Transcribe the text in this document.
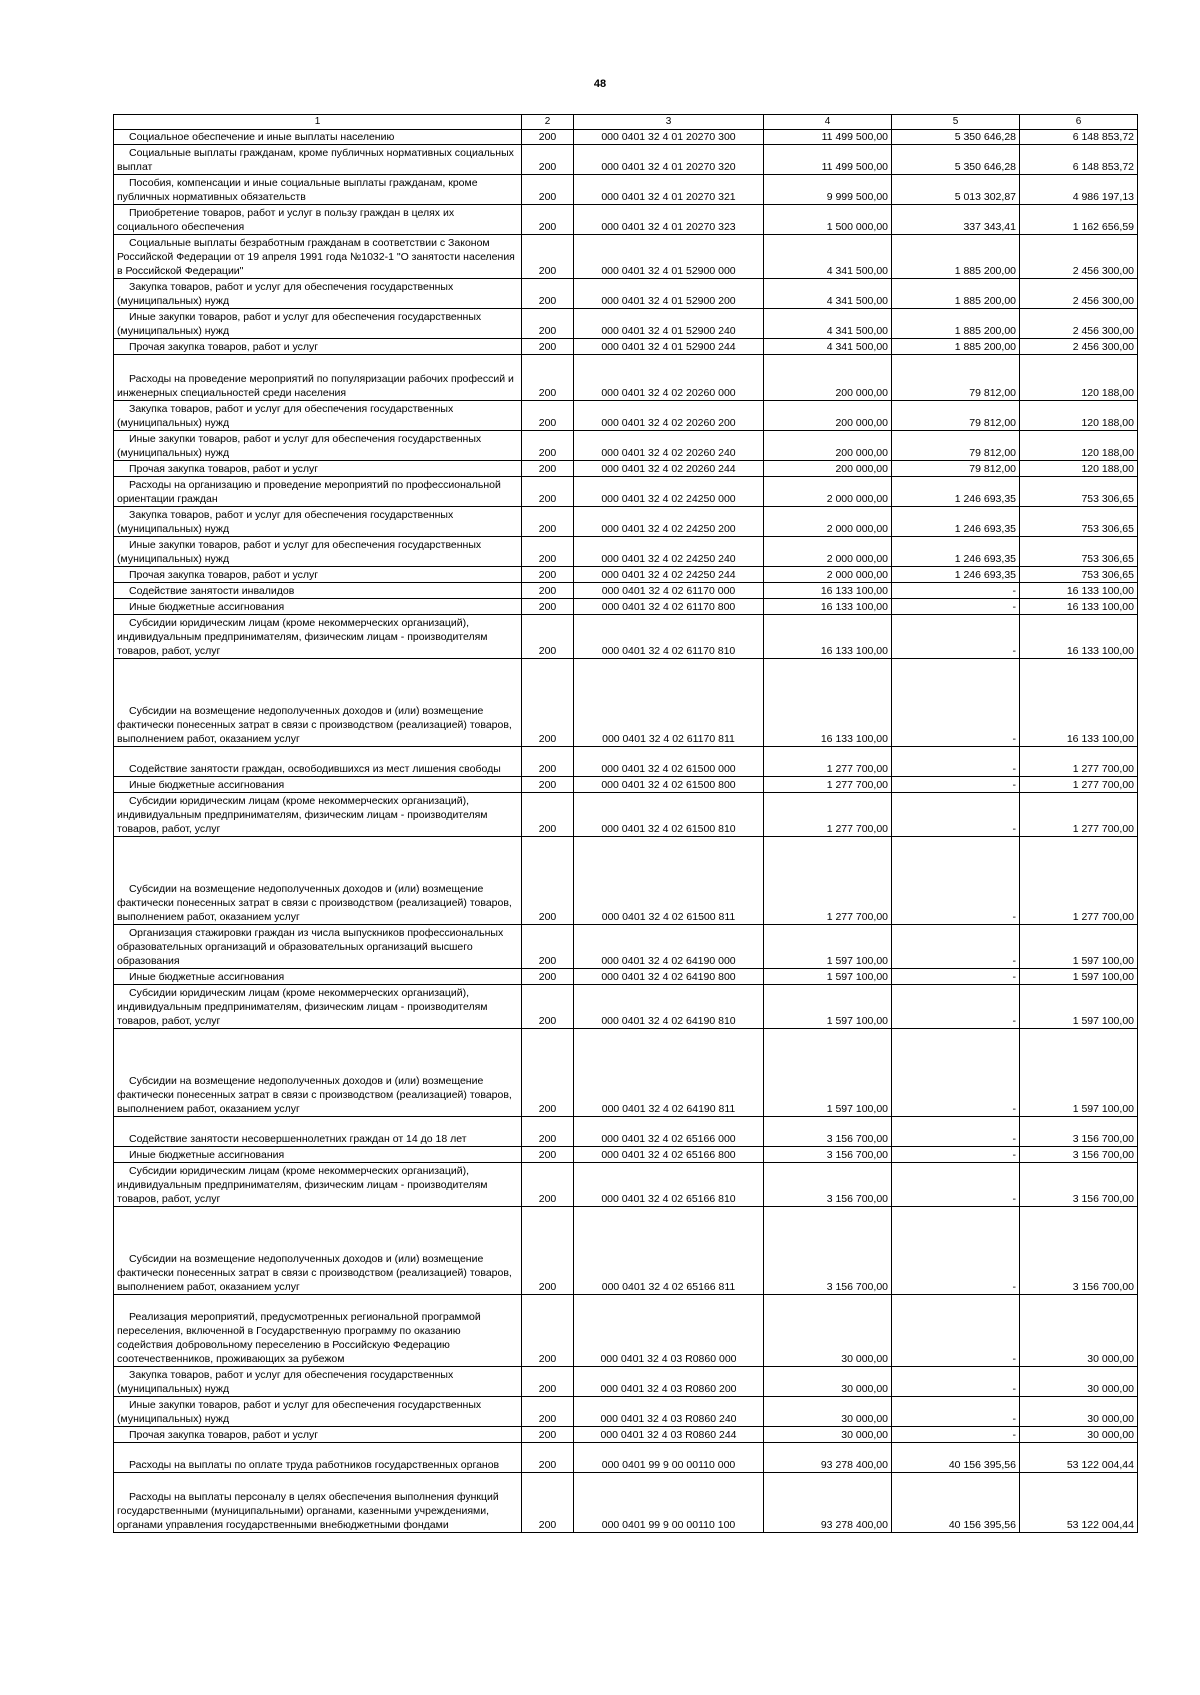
48
1	2	3	4	5	6
Социальное обеспечение и иные выплаты населению	200	000 0401 32 4 01 20270 300	11 499 500,00	5 350 646,28	6 148 853,72
Социальные выплаты гражданам, кроме публичных нормативных социальных выплат	200	000 0401 32 4 01 20270 320	11 499 500,00	5 350 646,28	6 148 853,72
Пособия, компенсации и иные социальные выплаты гражданам, кроме публичных нормативных обязательств	200	000 0401 32 4 01 20270 321	9 999 500,00	5 013 302,87	4 986 197,13
Приобретение товаров, работ и услуг в пользу граждан в целях их социального обеспечения	200	000 0401 32 4 01 20270 323	1 500 000,00	337 343,41	1 162 656,59
Социальные выплаты безработным гражданам в соответствии с Законом Российской Федерации от 19 апреля 1991 года №1032-1 "О занятости населения в Российской Федерации"	200	000 0401 32 4 01 52900 000	4 341 500,00	1 885 200,00	2 456 300,00
Закупка товаров, работ и услуг для обеспечения государственных (муниципальных) нужд	200	000 0401 32 4 01 52900 200	4 341 500,00	1 885 200,00	2 456 300,00
Иные закупки товаров, работ и услуг для обеспечения государственных (муниципальных) нужд	200	000 0401 32 4 01 52900 240	4 341 500,00	1 885 200,00	2 456 300,00
Прочая закупка товаров, работ и услуг	200	000 0401 32 4 01 52900 244	4 341 500,00	1 885 200,00	2 456 300,00
Расходы на проведение мероприятий по популяризации рабочих профессий и инженерных специальностей среди населения	200	000 0401 32 4 02 20260 000	200 000,00	79 812,00	120 188,00
Закупка товаров, работ и услуг для обеспечения государственных (муниципальных) нужд	200	000 0401 32 4 02 20260 200	200 000,00	79 812,00	120 188,00
Иные закупки товаров, работ и услуг для обеспечения государственных (муниципальных) нужд	200	000 0401 32 4 02 20260 240	200 000,00	79 812,00	120 188,00
Прочая закупка товаров, работ и услуг	200	000 0401 32 4 02 20260 244	200 000,00	79 812,00	120 188,00
Расходы на организацию и проведение мероприятий по профессиональной ориентации граждан	200	000 0401 32 4 02 24250 000	2 000 000,00	1 246 693,35	753 306,65
Закупка товаров, работ и услуг для обеспечения государственных (муниципальных) нужд	200	000 0401 32 4 02 24250 200	2 000 000,00	1 246 693,35	753 306,65
Иные закупки товаров, работ и услуг для обеспечения государственных (муниципальных) нужд	200	000 0401 32 4 02 24250 240	2 000 000,00	1 246 693,35	753 306,65
Прочая закупка товаров, работ и услуг	200	000 0401 32 4 02 24250 244	2 000 000,00	1 246 693,35	753 306,65
Содействие занятости инвалидов	200	000 0401 32 4 02 61170 000	16 133 100,00	-	16 133 100,00
Иные бюджетные ассигнования	200	000 0401 32 4 02 61170 800	16 133 100,00	-	16 133 100,00
Субсидии юридическим лицам (кроме некоммерческих организаций), индивидуальным предпринимателям, физическим лицам - производителям товаров, работ, услуг	200	000 0401 32 4 02 61170 810	16 133 100,00	-	16 133 100,00
Субсидии на возмещение недополученных доходов и (или) возмещение фактически понесенных затрат в связи с производством (реализацией) товаров, выполнением работ, оказанием услуг	200	000 0401 32 4 02 61170 811	16 133 100,00	-	16 133 100,00
Содействие занятости граждан, освободившихся из мест лишения свободы	200	000 0401 32 4 02 61500 000	1 277 700,00	-	1 277 700,00
Иные бюджетные ассигнования	200	000 0401 32 4 02 61500 800	1 277 700,00	-	1 277 700,00
Субсидии юридическим лицам (кроме некоммерческих организаций), индивидуальным предпринимателям, физическим лицам - производителям товаров, работ, услуг	200	000 0401 32 4 02 61500 810	1 277 700,00	-	1 277 700,00
Субсидии на возмещение недополученных доходов и (или) возмещение фактически понесенных затрат в связи с производством (реализацией) товаров, выполнением работ, оказанием услуг	200	000 0401 32 4 02 61500 811	1 277 700,00	-	1 277 700,00
Организация стажировки граждан из числа выпускников профессиональных образовательных организаций и образовательных организаций высшего образования	200	000 0401 32 4 02 64190 000	1 597 100,00	-	1 597 100,00
Иные бюджетные ассигнования	200	000 0401 32 4 02 64190 800	1 597 100,00	-	1 597 100,00
Субсидии юридическим лицам (кроме некоммерческих организаций), индивидуальным предпринимателям, физическим лицам - производителям товаров, работ, услуг	200	000 0401 32 4 02 64190 810	1 597 100,00	-	1 597 100,00
Субсидии на возмещение недополученных доходов и (или) возмещение фактически понесенных затрат в связи с производством (реализацией) товаров, выполнением работ, оказанием услуг	200	000 0401 32 4 02 64190 811	1 597 100,00	-	1 597 100,00
Содействие занятости несовершеннолетних граждан от 14 до 18 лет	200	000 0401 32 4 02 65166 000	3 156 700,00	-	3 156 700,00
Иные бюджетные ассигнования	200	000 0401 32 4 02 65166 800	3 156 700,00	-	3 156 700,00
Субсидии юридическим лицам (кроме некоммерческих организаций), индивидуальным предпринимателям, физическим лицам - производителям товаров, работ, услуг	200	000 0401 32 4 02 65166 810	3 156 700,00	-	3 156 700,00
Субсидии на возмещение недополученных доходов и (или) возмещение фактически понесенных затрат в связи с производством (реализацией) товаров, выполнением работ, оказанием услуг	200	000 0401 32 4 02 65166 811	3 156 700,00	-	3 156 700,00
Реализация мероприятий, предусмотренных региональной программой переселения, включенной в Государственную программу по оказанию содействия добровольному переселению в Российскую Федерацию соотечественников, проживающих за рубежом	200	000 0401 32 4 03 R0860 000	30 000,00	-	30 000,00
Закупка товаров, работ и услуг для обеспечения государственных (муниципальных) нужд	200	000 0401 32 4 03 R0860 200	30 000,00	-	30 000,00
Иные закупки товаров, работ и услуг для обеспечения государственных (муниципальных) нужд	200	000 0401 32 4 03 R0860 240	30 000,00	-	30 000,00
Прочая закупка товаров, работ и услуг	200	000 0401 32 4 03 R0860 244	30 000,00	-	30 000,00
Расходы на выплаты по оплате труда работников государственных органов	200	000 0401 99 9 00 00110 000	93 278 400,00	40 156 395,56	53 122 004,44
Расходы на выплаты персоналу в целях обеспечения выполнения функций государственными (муниципальными) органами, казенными учреждениями, органами управления государственными внебюджетными фондами	200	000 0401 99 9 00 00110 100	93 278 400,00	40 156 395,56	53 122 004,44
